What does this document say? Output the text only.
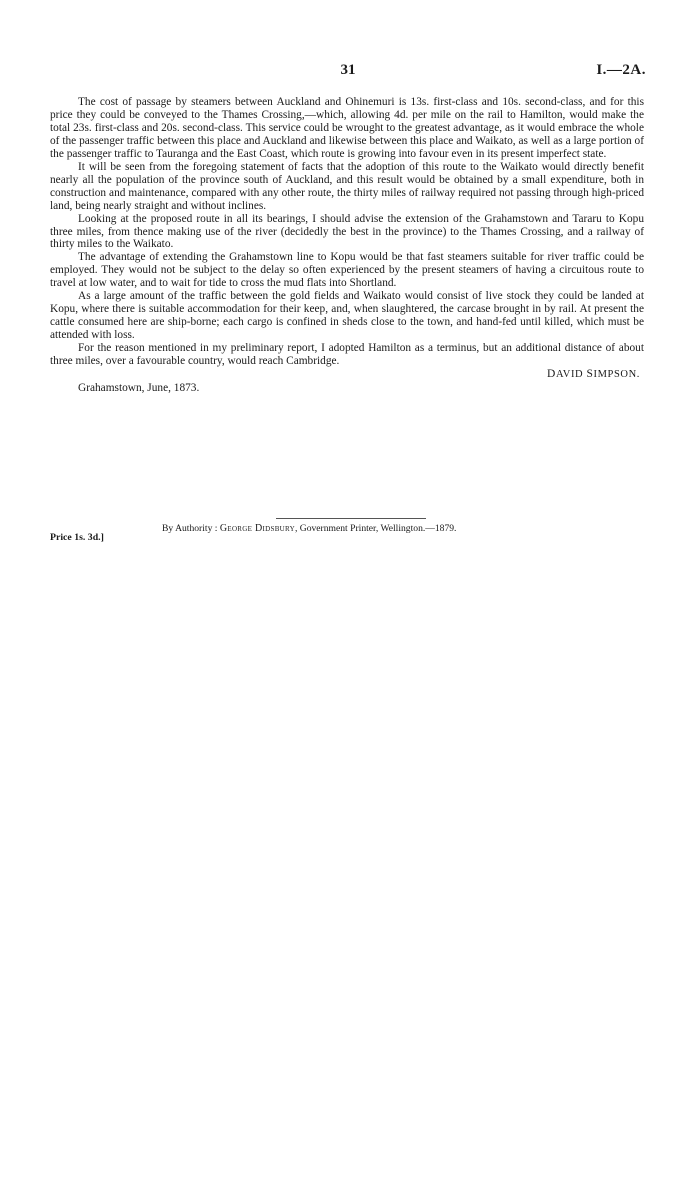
31	I.—2A.

The cost of passage by steamers between Auckland and Ohinemuri is 13s. first-class and 10s. second-class, and for this price they could be conveyed to the Thames Crossing,—which, allowing 4d. per mile on the rail to Hamilton, would make the total 23s. first-class and 20s. second-class. This service could be wrought to the greatest advantage, as it would embrace the whole of the passenger traffic between this place and Auckland and likewise between this place and Waikato, as well as a large portion of the passenger traffic to Tauranga and the East Coast, which route is growing into favour even in its present imperfect state.

It will be seen from the foregoing statement of facts that the adoption of this route to the Waikato would directly benefit nearly all the population of the province south of Auckland, and this result would be obtained by a small expenditure, both in construction and maintenance, compared with any other route, the thirty miles of railway required not passing through high-priced land, being nearly straight and without inclines.

Looking at the proposed route in all its bearings, I should advise the extension of the Grahamstown and Tararu to Kopu three miles, from thence making use of the river (decidedly the best in the province) to the Thames Crossing, and a railway of thirty miles to the Waikato.

The advantage of extending the Grahamstown line to Kopu would be that fast steamers suitable for river traffic could be employed. They would not be subject to the delay so often experienced by the present steamers of having a circuitous route to travel at low water, and to wait for tide to cross the mud flats into Shortland.

As a large amount of the traffic between the gold fields and Waikato would consist of live stock they could be landed at Kopu, where there is suitable accommodation for their keep, and, when slaughtered, the carcase brought in by rail. At present the cattle consumed here are ship-borne; each cargo is confined in sheds close to the town, and hand-fed until killed, which must be attended with loss.

For the reason mentioned in my preliminary report, I adopted Hamilton as a terminus, but an additional distance of about three miles, over a favourable country, would reach Cambridge.

DAVID SIMPSON.

Grahamstown, June, 1873.

By Authority : George Didsbury, Government Printer, Wellington.—1879.
Price 1s. 3d.]
